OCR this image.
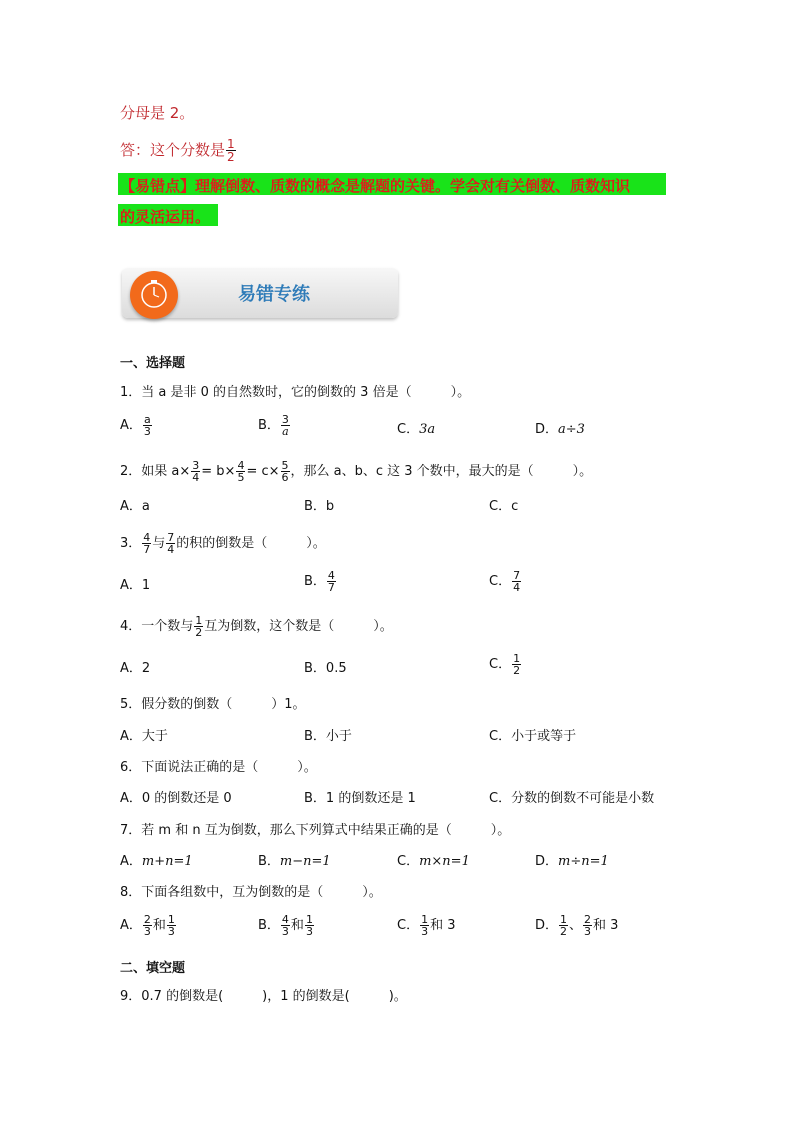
分母是 2。
答：这个分数是 $\frac{1}{2}$
【易错点】理解倒数、质数的概念是解题的关键。学会对有关倒数、质数知识
的灵活运用。
易错专练
一、选择题
1．当 a 是非 0 的自然数时，它的倒数的 3 倍是（　　　）。
A． $\frac{a}{3}$	B． $\frac{3}{a}$	C．3a	D．a÷3
2．如果 $a\times \frac{3}{4} = b\times \frac{4}{5} = c\times \frac{5}{6}$ ，那么 a、b、c 这 3 个数中，最大的是（　　　）。
A．a	B．b	C．c
3． $\frac{4}{7}$ 与 $\frac{7}{4}$ 的积的倒数是（　　　）。
A．1	B． $\frac{4}{7}$	C． $\frac{7}{4}$
4．一个数与 $\frac{1}{2}$ 互为倒数，这个数是（　　　）。
A．2	B．0.5	C． $\frac{1}{2}$
5．假分数的倒数（　　　）1。
A．大于	B．小于	C．小于或等于
6．下面说法正确的是（　　　）。
A．0 的倒数还是 0	B．1 的倒数还是 1	C．分数的倒数不可能是小数
7．若 m 和 n 互为倒数，那么下列算式中结果正确的是（　　　）。
A．m+n=1	B．m−n=1	C．m×n=1	D．m÷n=1
8．下面各组数中，互为倒数的是（　　　）。
A． $\frac{2}{3}$ 和 $\frac{1}{3}$	B． $\frac{4}{3}$ 和 $\frac{1}{3}$	C． $\frac{1}{3}$ 和 3	D． $\frac{1}{2}$ 、 $\frac{2}{3}$ 和 3
二、填空题
9．0.7 的倒数是(　　　)，1 的倒数是(　　　)。
